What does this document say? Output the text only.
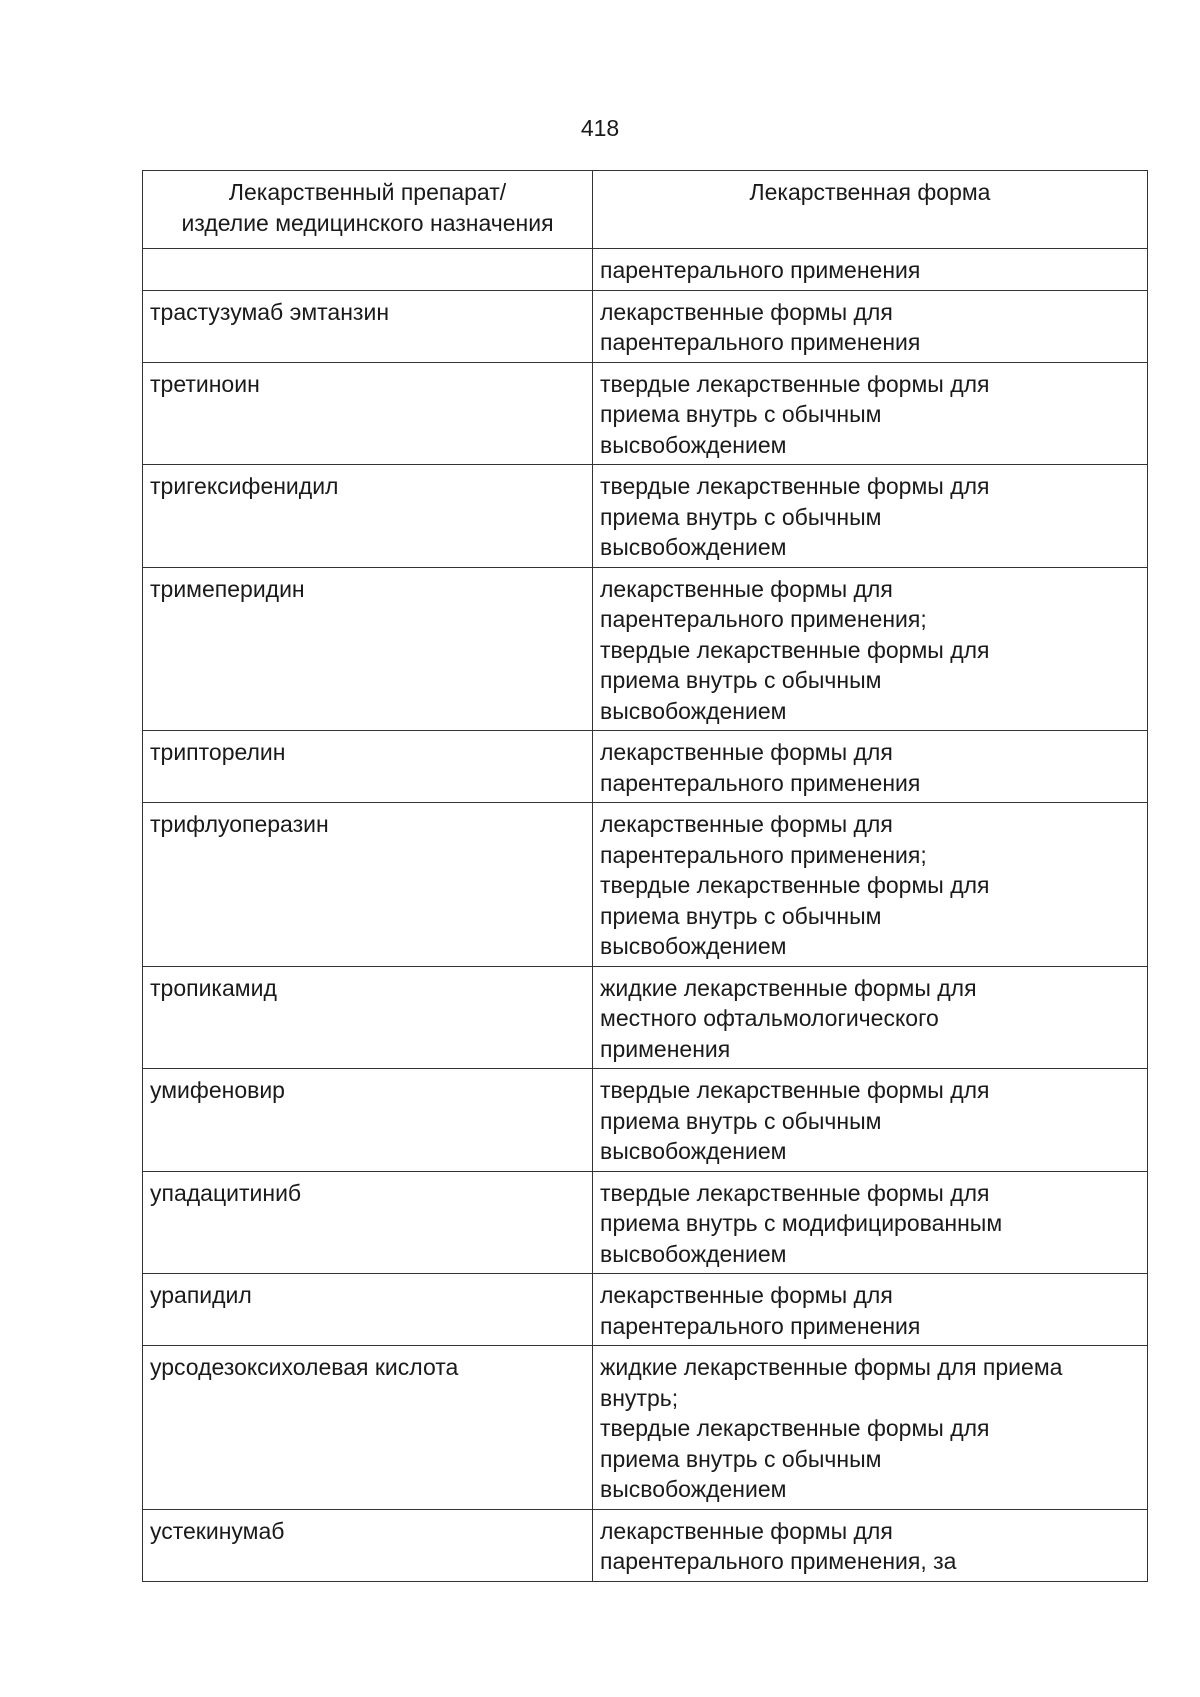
418
Лекарственный препарат/
изделие медицинского назначения	Лекарственная форма
	парентерального применения
трастузумаб эмтанзин	лекарственные формы для
парентерального применения
третиноин	твердые лекарственные формы для
приема внутрь с обычным
высвобождением
тригексифенидил	твердые лекарственные формы для
приема внутрь с обычным
высвобождением
тримеперидин	лекарственные формы для
парентерального применения;
твердые лекарственные формы для
приема внутрь с обычным
высвобождением
трипторелин	лекарственные формы для
парентерального применения
трифлуоперазин	лекарственные формы для
парентерального применения;
твердые лекарственные формы для
приема внутрь с обычным
высвобождением
тропикамид	жидкие лекарственные формы для
местного офтальмологического
применения
умифеновир	твердые лекарственные формы для
приема внутрь с обычным
высвобождением
упадацитиниб	твердые лекарственные формы для
приема внутрь с модифицированным
высвобождением
урапидил	лекарственные формы для
парентерального применения
урсодезоксихолевая кислота	жидкие лекарственные формы для приема
внутрь;
твердые лекарственные формы для
приема внутрь с обычным
высвобождением
устекинумаб	лекарственные формы для
парентерального применения, за
